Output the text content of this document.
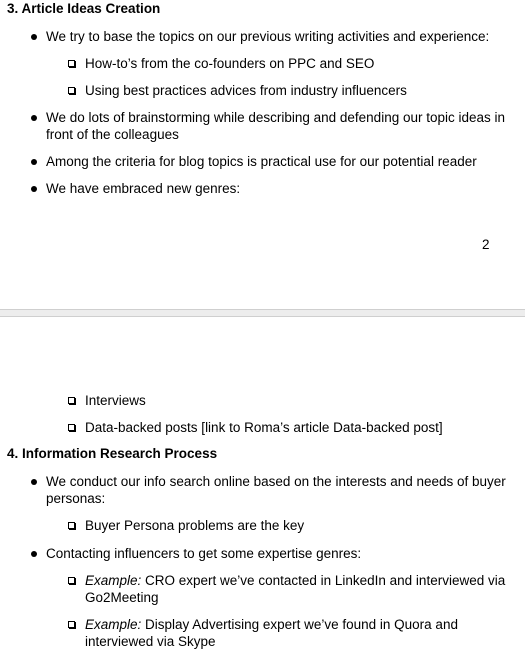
3. Article Ideas Creation
We try to base the topics on our previous writing activities and experience:
How-to’s from the co-founders on PPC and SEO
Using best practices advices from industry influencers
We do lots of brainstorming while describing and defending our topic ideas in
front of the colleagues
Among the criteria for blog topics is practical use for our potential reader
We have embraced new genres:
2
Interviews
Data-backed posts [link to Roma’s article Data-backed post]
4. Information Research Process
We conduct our info search online based on the interests and needs of buyer
personas:
Buyer Persona problems are the key
Contacting influencers to get some expertise genres:
Example: CRO expert we’ve contacted in LinkedIn and interviewed via
Go2Meeting
Example: Display Advertising expert we’ve found in Quora and
interviewed via Skype
